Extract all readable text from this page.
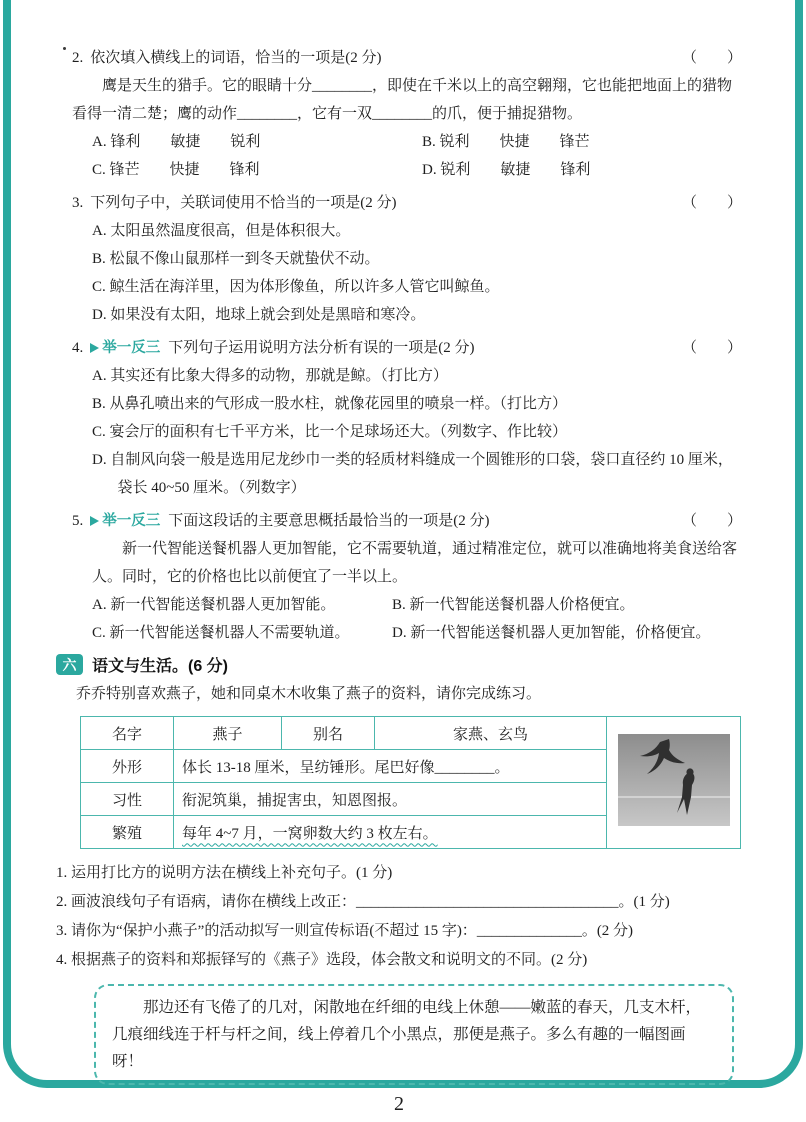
2. 依次填入横线上的词语，恰当的一项是(2 分)	（　　）

鹰是天生的猎手。它的眼睛十分________，即使在千米以上的高空翱翔，它也能把地面上的猎物看得一清二楚；鹰的动作________，它有一双________的爪，便于捕捉猎物。

A. 锋利　　敏捷　　锐利	B. 锐利　　快捷　　锋芒
C. 锋芒　　快捷　　锋利	D. 锐利　　敏捷　　锋利
3. 下列句子中，关联词使用不恰当的一项是(2 分)	（　　）
A. 太阳虽然温度很高，但是体积很大。
B. 松鼠不像山鼠那样一到冬天就蛰伏不动。
C. 鲸生活在海洋里，因为体形像鱼，所以许多人管它叫鲸鱼。
D. 如果没有太阳，地球上就会到处是黑暗和寒冷。
4. 举一反三 下列句子运用说明方法分析有误的一项是(2 分)	（　　）
A. 其实还有比象大得多的动物，那就是鲸。（打比方）
B. 从鼻孔喷出来的气形成一股水柱，就像花园里的喷泉一样。（打比方）
C. 宴会厅的面积有七千平方米，比一个足球场还大。（列数字、作比较）
D. 自制风向袋一般是选用尼龙纱巾一类的轻质材料缝成一个圆锥形的口袋，袋口直径约 10 厘米，袋长 40~50 厘米。（列数字）
5. 举一反三 下面这段话的主要意思概括最恰当的一项是(2 分)	（　　）

新一代智能送餐机器人更加智能，它不需要轨道，通过精准定位，就可以准确地将美食送给客人。同时，它的价格也比以前便宜了一半以上。

A. 新一代智能送餐机器人更加智能。	B. 新一代智能送餐机器人价格便宜。
C. 新一代智能送餐机器人不需要轨道。	D. 新一代智能送餐机器人更加智能，价格便宜。
六 语文与生活。(6 分)

乔乔特别喜欢燕子，她和同桌木木收集了燕子的资料，请你完成练习。

名字	燕子	别名	家燕、玄鸟	
外形	体长 13-18 厘米，呈纺锤形。尾巴好像________。			
习性	衔泥筑巢，捕捉害虫，知恩图报。			
繁殖	每年 4~7 月，一窝卵数大约 3 枚左右。			
1. 运用打比方的说明方法在横线上补充句子。(1 分)
2. 画波浪线句子有语病，请你在横线上改正：___________________________________。(1 分)
3. 请你为“保护小燕子”的活动拟写一则宣传标语(不超过 15 字)：______________。(2 分)
4. 根据燕子的资料和郑振铎写的《燕子》选段，体会散文和说明文的不同。(2 分)

那边还有飞倦了的几对，闲散地在纤细的电线上休憩——嫩蓝的春天，几支木杆，几痕细线连于杆与杆之间，线上停着几个小黑点，那便是燕子。多么有趣的一幅图画呀！

2
